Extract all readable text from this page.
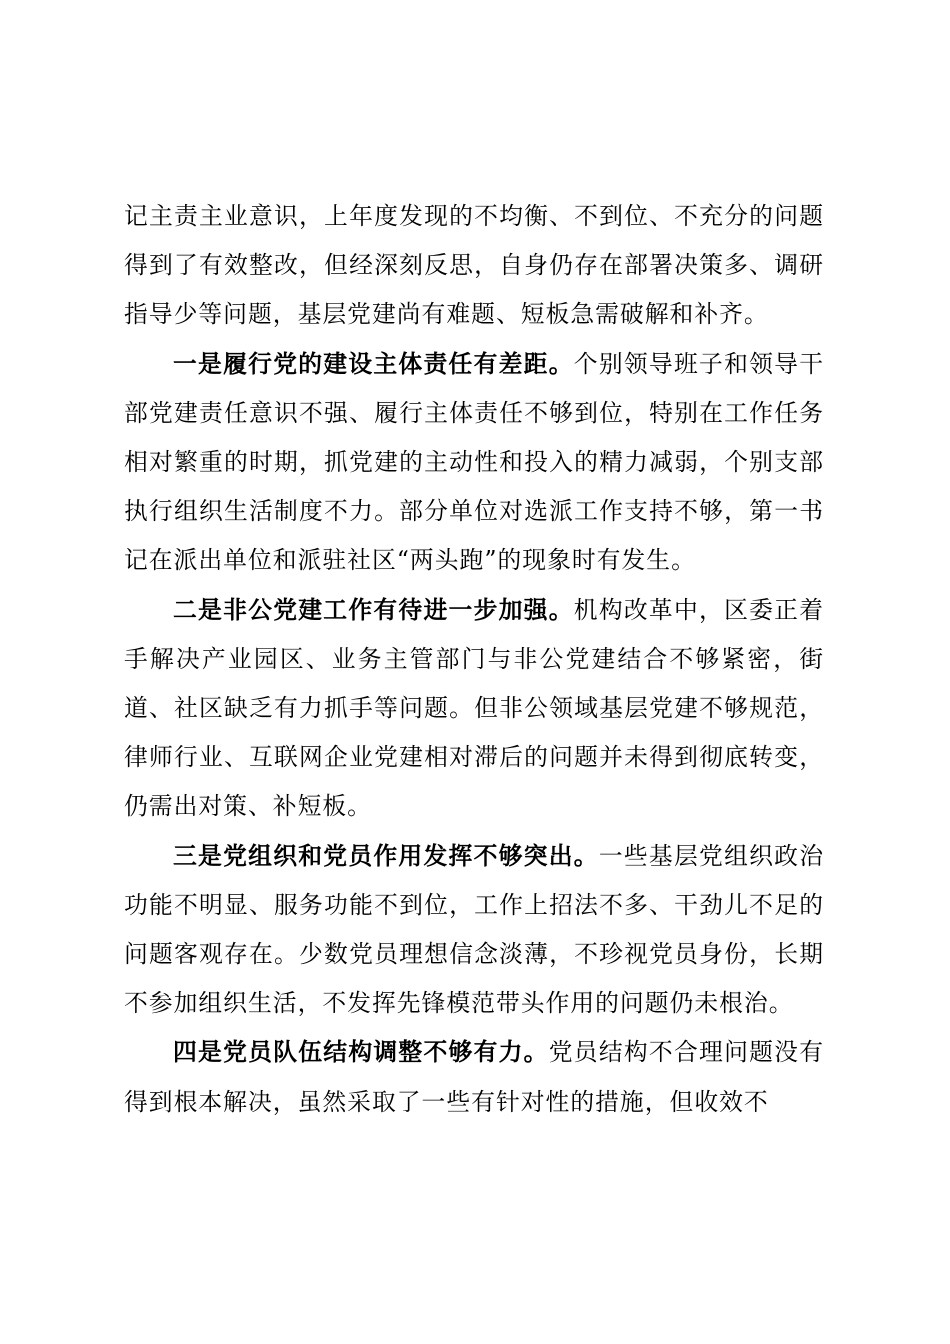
记主责主业意识，上年度发现的不均衡、不到位、不充分的问题得到了有效整改，但经深刻反思，自身仍存在部署决策多、调研指导少等问题，基层党建尚有难题、短板急需破解和补齐。

一是履行党的建设主体责任有差距。个别领导班子和领导干部党建责任意识不强、履行主体责任不够到位，特别在工作任务相对繁重的时期，抓党建的主动性和投入的精力减弱，个别支部执行组织生活制度不力。部分单位对选派工作支持不够，第一书记在派出单位和派驻社区“两头跑”的现象时有发生。

二是非公党建工作有待进一步加强。机构改革中，区委正着手解决产业园区、业务主管部门与非公党建结合不够紧密，街道、社区缺乏有力抓手等问题。但非公领域基层党建不够规范，律师行业、互联网企业党建相对滞后的问题并未得到彻底转变，仍需出对策、补短板。

三是党组织和党员作用发挥不够突出。一些基层党组织政治功能不明显、服务功能不到位，工作上招法不多、干劲儿不足的问题客观存在。少数党员理想信念淡薄，不珍视党员身份，长期不参加组织生活，不发挥先锋模范带头作用的问题仍未根治。

四是党员队伍结构调整不够有力。党员结构不合理问题没有得到根本解决，虽然采取了一些有针对性的措施，但收效不
